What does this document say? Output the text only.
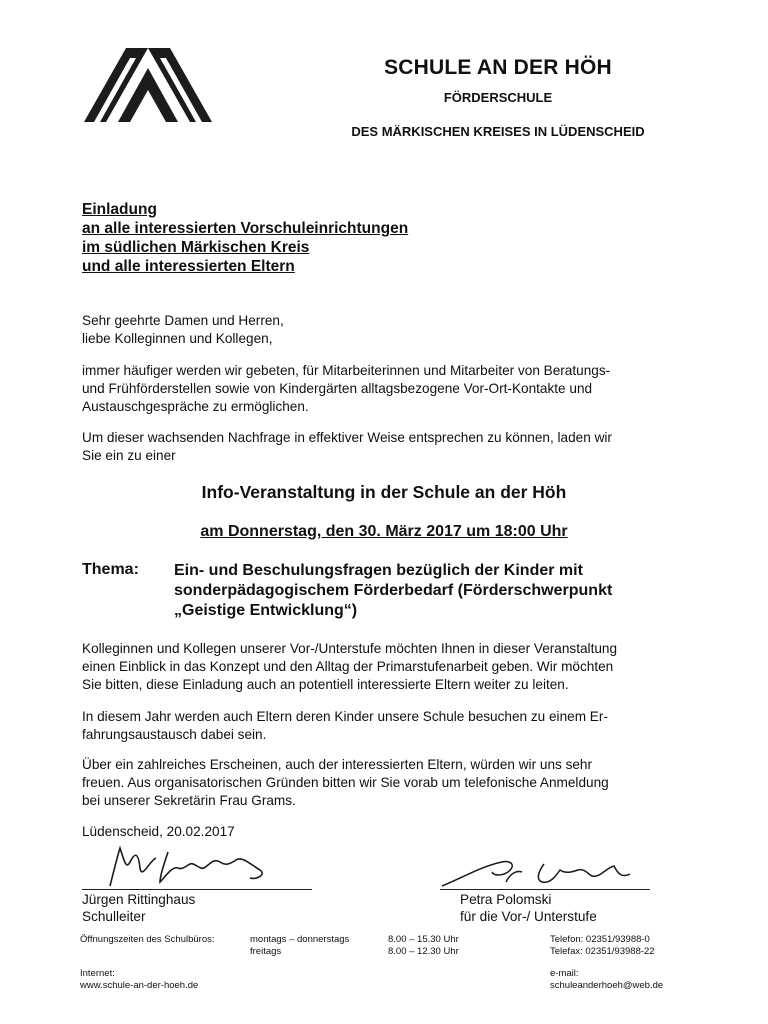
SCHULE AN DER HÖH
FÖRDERSCHULE
DES MÄRKISCHEN KREISES IN LÜDENSCHEID
Einladung
an alle interessierten Vorschuleinrichtungen
im südlichen Märkischen Kreis
und alle interessierten Eltern
Sehr geehrte Damen und Herren,
liebe Kolleginnen und Kollegen,
immer häufiger werden wir gebeten, für Mitarbeiterinnen und Mitarbeiter von Beratungs-
und Frühförderstellen sowie von Kindergärten alltagsbezogene Vor-Ort-Kontakte und
Austauschgespräche zu ermöglichen.
Um dieser wachsenden Nachfrage in effektiver Weise entsprechen zu können, laden wir
Sie ein zu einer
Info-Veranstaltung in der Schule an der Höh
am Donnerstag, den 30. März 2017 um 18:00 Uhr
Thema: Ein- und Beschulungsfragen bezüglich der Kinder mit
sonderpädagogischem Förderbedarf (Förderschwerpunkt
„Geistige Entwicklung“)
Kolleginnen und Kollegen unserer Vor-/Unterstufe möchten Ihnen in dieser Veranstaltung
einen Einblick in das Konzept und den Alltag der Primarstufenarbeit geben. Wir möchten
Sie bitten, diese Einladung auch an potentiell interessierte Eltern weiter zu leiten.
In diesem Jahr werden auch Eltern deren Kinder unsere Schule besuchen zu einem Er-
fahrungsaustausch dabei sein.
Über ein zahlreiches Erscheinen, auch der interessierten Eltern, würden wir uns sehr
freuen. Aus organisatorischen Gründen bitten wir Sie vorab um telefonische Anmeldung
bei unserer Sekretärin Frau Grams.
Lüdenscheid, 20.02.2017
Jürgen Rittinghaus
Schulleiter
Petra Polomski
für die Vor-/ Unterstufe
Öffnungszeiten des Schulbüros:	montags – donnerstags
freitags
8.00 – 15.30 Uhr
8.00 – 12.30 Uhr
Telefon: 02351/93988-0
Telefax: 02351/93988-22
Internet:
www.schule-an-der-hoeh.de
e-mail:
schuleanderhoeh@web.de
